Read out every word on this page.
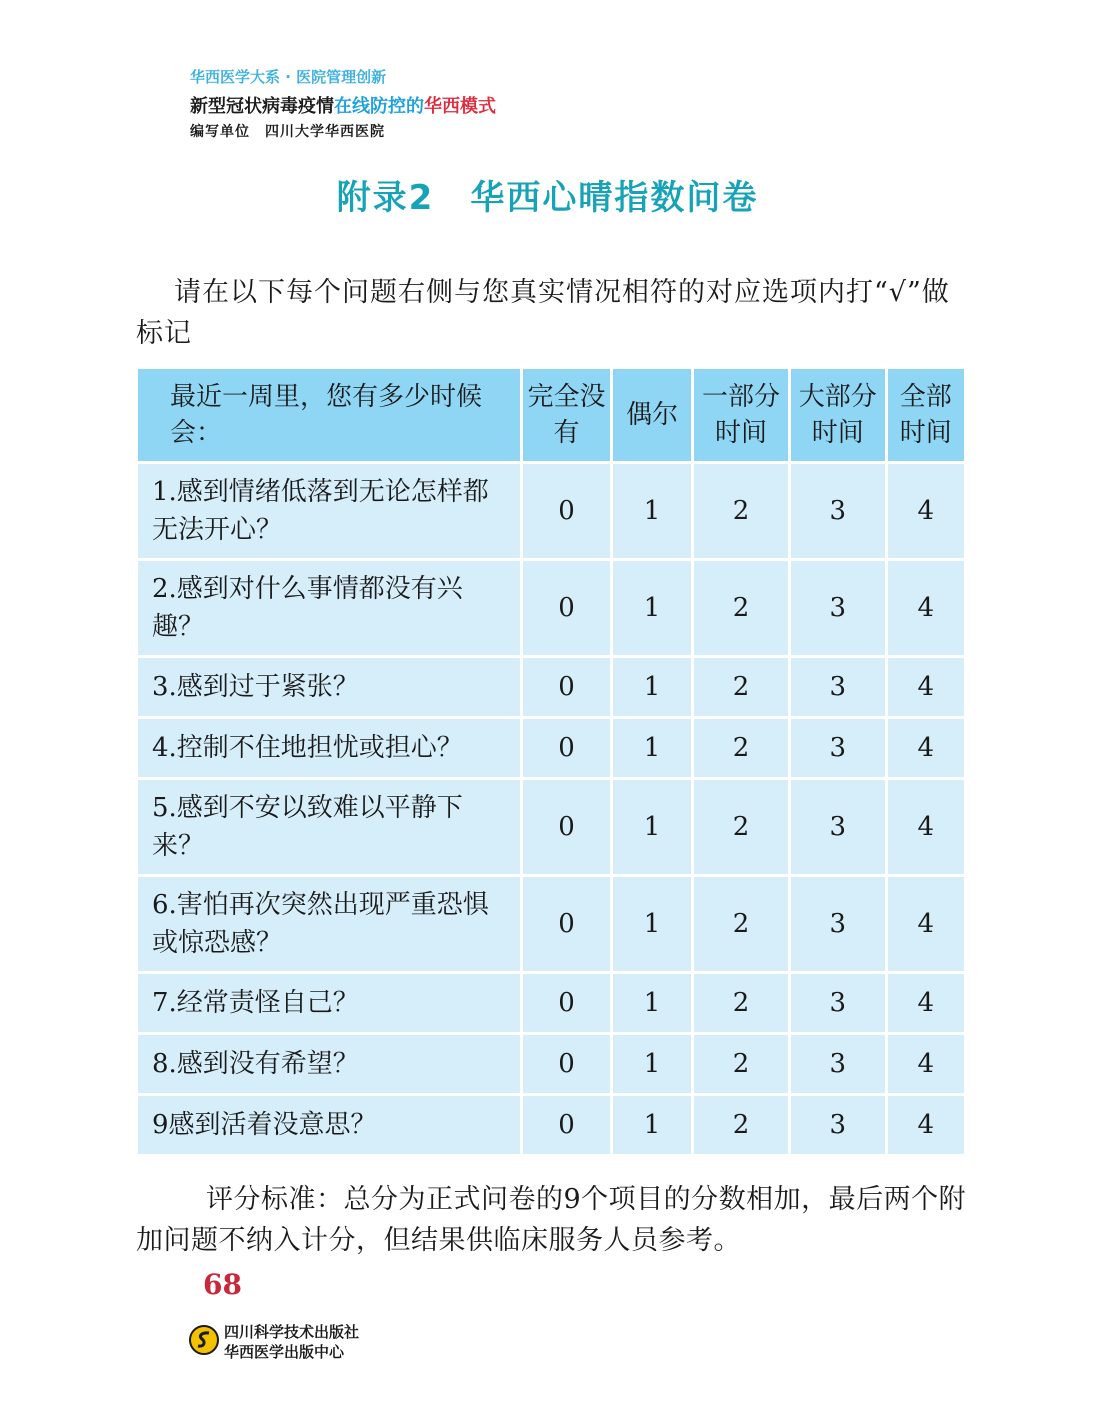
华西医学大系 · 医院管理创新
新型冠状病毒疫情在线防控的华西模式
编写单位　四川大学华西医院
附录2　华西心晴指数问卷
请在以下每个问题右侧与您真实情况相符的对应选项内打“√”做标记
最近一周里，您有多少时候会：	完全没有	偶尔	一部分时间	大部分时间	全部时间
1.感到情绪低落到无论怎样都无法开心？	0	1	2	3	4
2.感到对什么事情都没有兴趣？	0	1	2	3	4
3.感到过于紧张？	0	1	2	3	4
4.控制不住地担忧或担心？	0	1	2	3	4
5.感到不安以致难以平静下来？	0	1	2	3	4
6.害怕再次突然出现严重恐惧或惊恐感？	0	1	2	3	4
7.经常责怪自己？	0	1	2	3	4
8.感到没有希望？	0	1	2	3	4
9感到活着没意思？	0	1	2	3	4
评分标准：总分为正式问卷的9个项目的分数相加，最后两个附加问题不纳入计分，但结果供临床服务人员参考。
68
四川科学技术出版社
华西医学出版中心
